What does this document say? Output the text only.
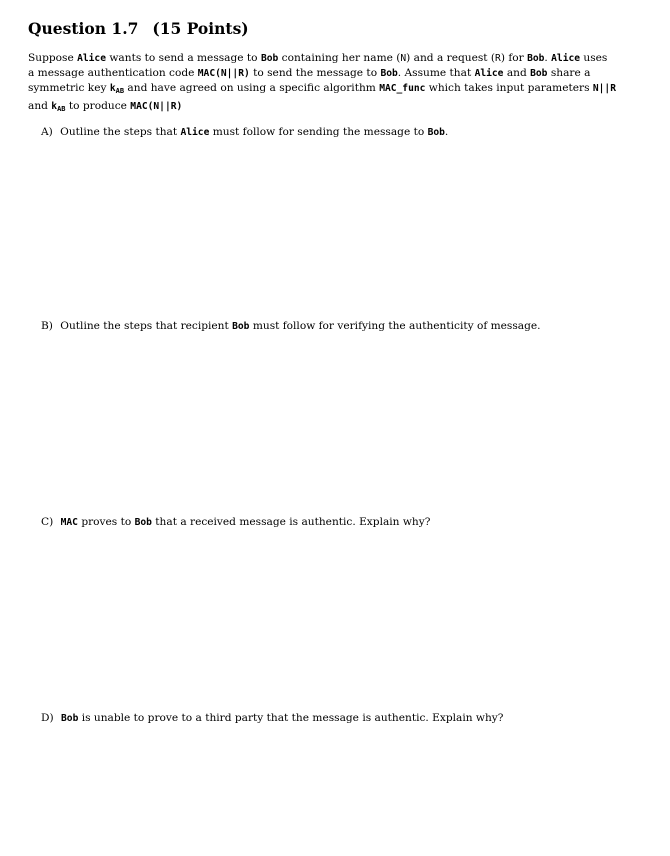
Question 1.7 (15 Points)
Suppose Alice wants to send a message to Bob containing her name (N) and a request (R) for Bob. Alice uses
a message authentication code MAC(N||R) to send the message to Bob. Assume that Alice and Bob share a
symmetric key $k_{AB}$ and have agreed on using a specific algorithm MAC_func which takes input parameters N||R
and $k_{AB}$ to produce MAC(N||R)
A) Outline the steps that Alice must follow for sending the message to Bob.
B) Outline the steps that recipient Bob must follow for verifying the authenticity of message.
C) MAC proves to Bob that a received message is authentic. Explain why?
D) Bob is unable to prove to a third party that the message is authentic. Explain why?
